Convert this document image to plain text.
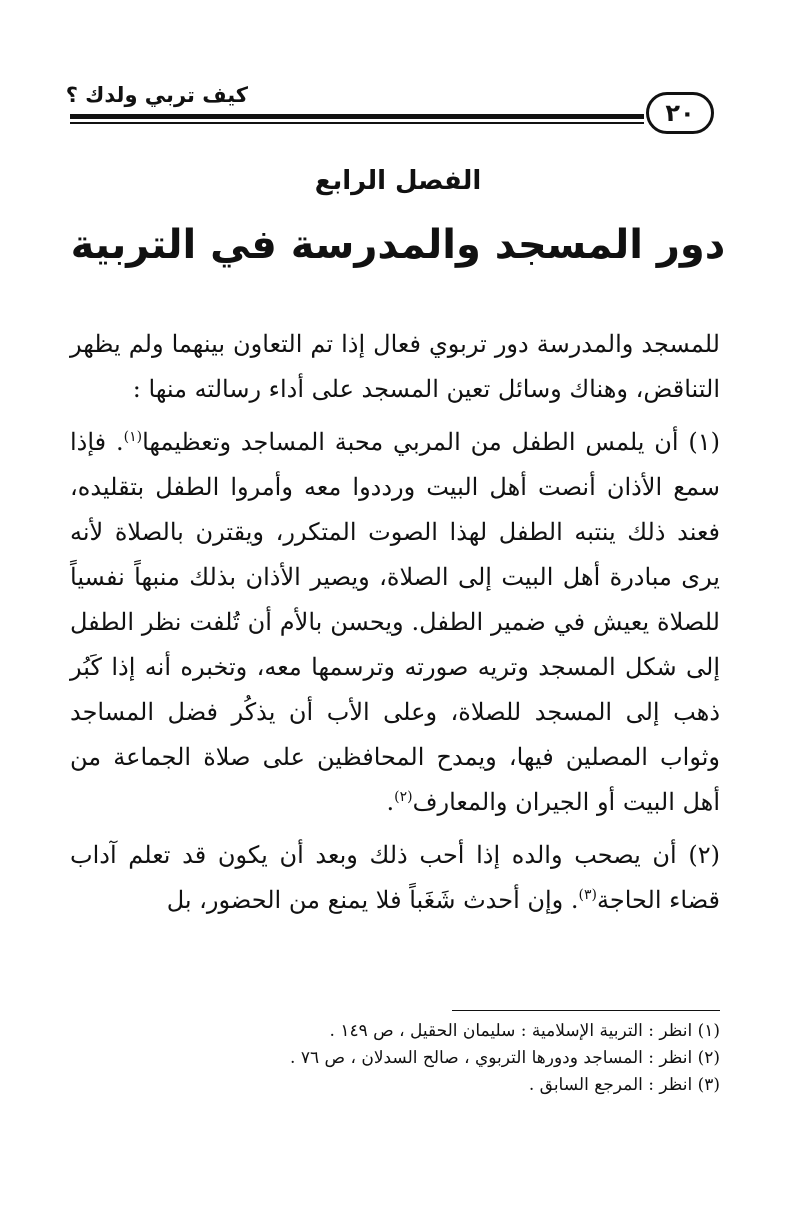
كيف تربي ولدك ؟
٢٠
الفصل الرابع
دور المسجد والمدرسة في التربية

للمسجد والمدرسة دور تربوي فعال إذا تم التعاون بينهما ولم يظهر التناقض، وهناك وسائل تعين المسجد على أداء رسالته منها :

(١) أن يلمس الطفل من المربي محبة المساجد وتعظيمها$^{(١)}$. فإذا سمع الأذان أنصت أهل البيت ورددوا معه وأمروا الطفل بتقليده، فعند ذلك ينتبه الطفل لهذا الصوت المتكرر، ويقترن بالصلاة لأنه يرى مبادرة أهل البيت إلى الصلاة، ويصير الأذان بذلك منبهاً نفسياً للصلاة يعيش في ضمير الطفل. ويحسن بالأم أن تُلفت نظر الطفل إلى شكل المسجد وتريه صورته وترسمها معه، وتخبره أنه إذا كَبُر ذهب إلى المسجد للصلاة، وعلى الأب أن يذكُر فضل المساجد وثواب المصلين فيها، ويمدح المحافظين على صلاة الجماعة من أهل البيت أو الجيران والمعارف$^{(٢)}$.

(٢) أن يصحب والده إذا أحب ذلك وبعد أن يكون قد تعلم آداب قضاء الحاجة$^{(٣)}$. وإن أحدث شَغَباً فلا يمنع من الحضور، بل

(١) انظر : التربية الإسلامية : سليمان الحقيل ، ص ١٤٩ .
(٢) انظر : المساجد ودورها التربوي ، صالح السدلان ، ص ٧٦ .
(٣) انظر : المرجع السابق .
